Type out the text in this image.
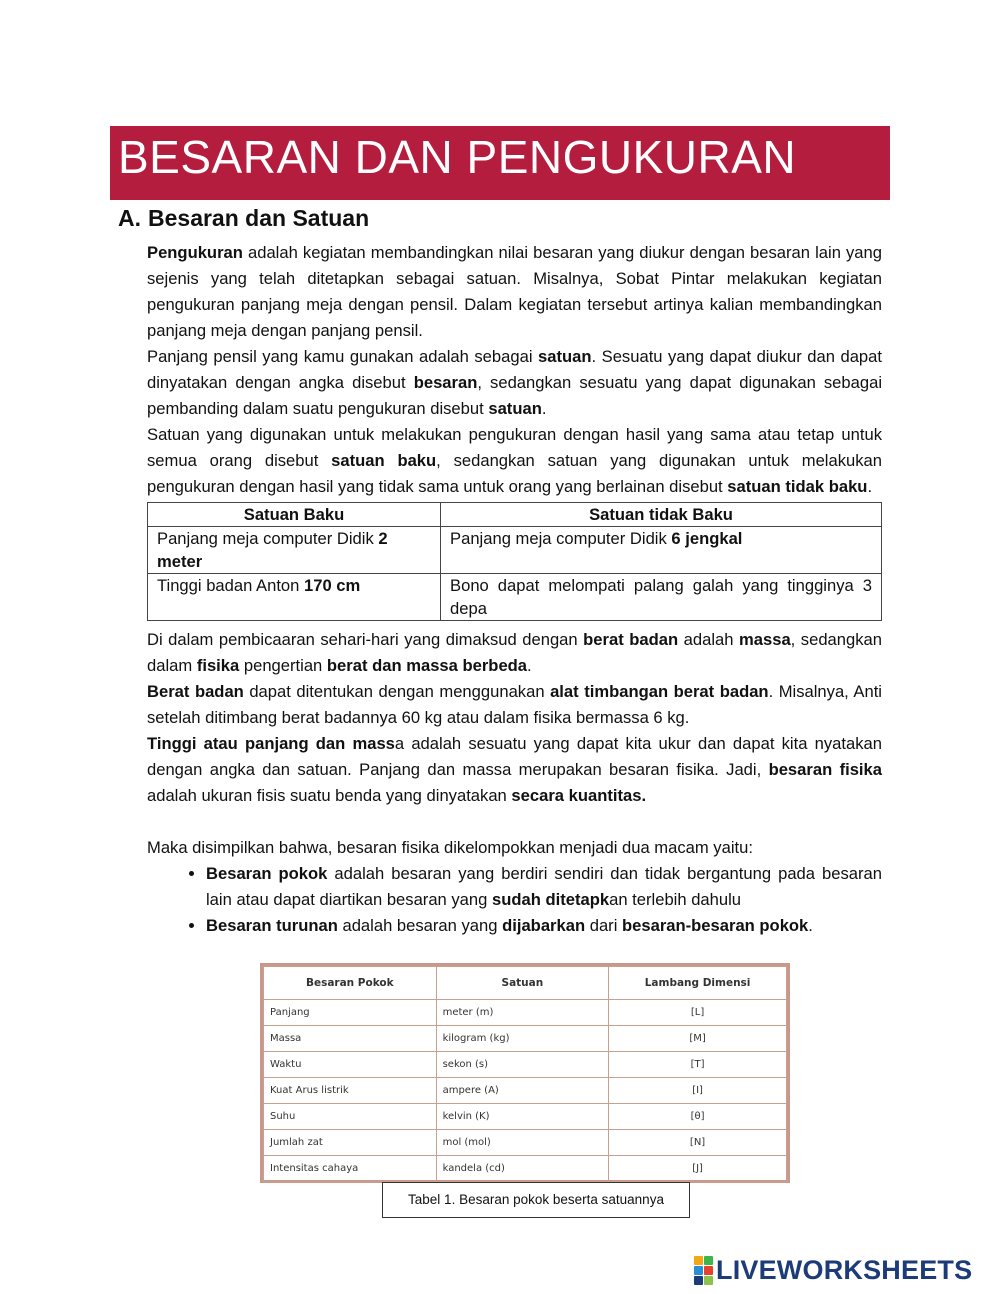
BESARAN DAN PENGUKURAN
A. Besaran dan Satuan

Pengukuran adalah kegiatan membandingkan nilai besaran yang diukur dengan besaran lain yang sejenis yang telah ditetapkan sebagai satuan. Misalnya, Sobat Pintar melakukan kegiatan pengukuran panjang meja dengan pensil. Dalam kegiatan tersebut artinya kalian membandingkan panjang meja dengan panjang pensil.

Panjang pensil yang kamu gunakan adalah sebagai satuan. Sesuatu yang dapat diukur dan dapat dinyatakan dengan angka disebut besaran, sedangkan sesuatu yang dapat digunakan sebagai pembanding dalam suatu pengukuran disebut satuan.

Satuan yang digunakan untuk melakukan pengukuran dengan hasil yang sama atau tetap untuk semua orang disebut satuan baku, sedangkan satuan yang digunakan untuk melakukan pengukuran dengan hasil yang tidak sama untuk orang yang berlainan disebut satuan tidak baku.

Satuan Baku	Satuan tidak Baku
Panjang meja computer Didik 2 meter	Panjang meja computer Didik 6 jengkal
Tinggi badan Anton 170 cm	Bono dapat melompati palang galah yang tingginya 3 depa

Di dalam pembicaaran sehari-hari yang dimaksud dengan berat badan adalah massa, sedangkan dalam fisika pengertian berat dan massa berbeda.

Berat badan dapat ditentukan dengan menggunakan alat timbangan berat badan. Misalnya, Anti setelah ditimbang berat badannya 60 kg atau dalam fisika bermassa 6 kg.

Tinggi atau panjang dan massa adalah sesuatu yang dapat kita ukur dan dapat kita nyatakan dengan angka dan satuan. Panjang dan massa merupakan besaran fisika. Jadi, besaran fisika adalah ukuran fisis suatu benda yang dinyatakan secara kuantitas.

Maka disimpilkan bahwa, besaran fisika dikelompokkan menjadi dua macam yaitu:

• Besaran pokok adalah besaran yang berdiri sendiri dan tidak bergantung pada besaran lain atau dapat diartikan besaran yang sudah ditetapkan terlebih dahulu
• Besaran turunan adalah besaran yang dijabarkan dari besaran-besaran pokok.
Besaran Pokok	Satuan	Lambang Dimensi
Panjang	meter (m)	[L]
Massa	kilogram (kg)	[M]
Waktu	sekon (s)	[T]
Kuat Arus listrik	ampere (A)	[I]
Suhu	kelvin (K)	[θ]
Jumlah zat	mol (mol)	[N]
Intensitas cahaya	kandela (cd)	[J]
Tabel 1. Besaran pokok beserta satuannya
LIVEWORKSHEETS
